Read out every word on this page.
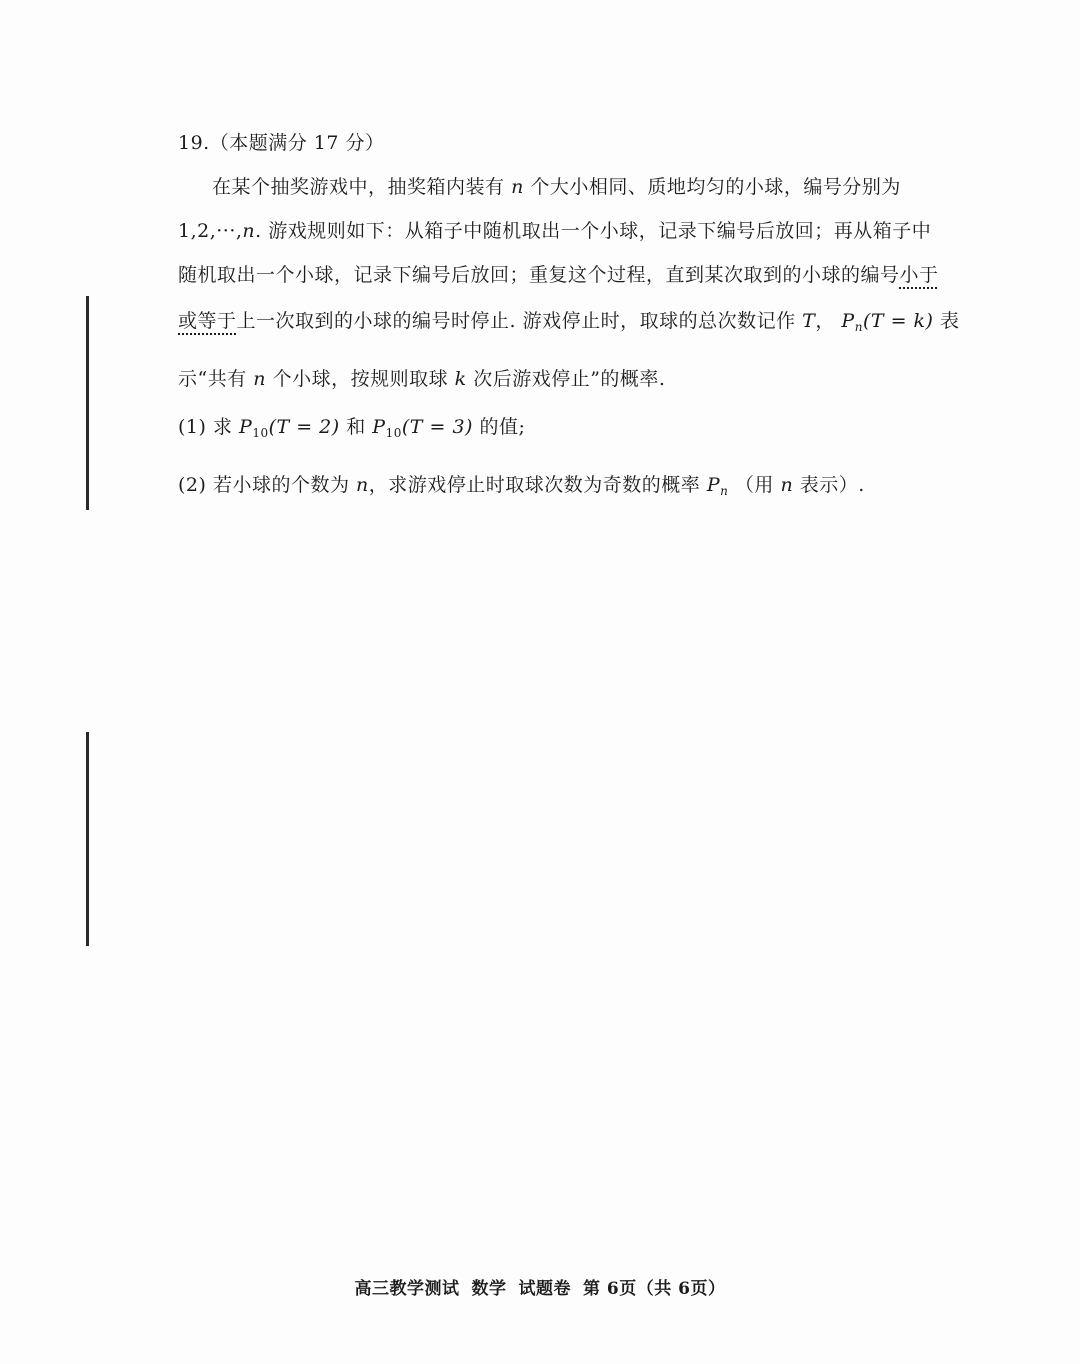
19.（本题满分 17 分）
在某个抽奖游戏中，抽奖箱内装有 n 个大小相同、质地均匀的小球，编号分别为
1,2,···,n. 游戏规则如下：从箱子中随机取出一个小球，记录下编号后放回；再从箱子中
随机取出一个小球，记录下编号后放回；重复这个过程，直到某次取到的小球的编号小于
或等于上一次取到的小球的编号时停止. 游戏停止时，取球的总次数记作 T， $P_n(T = k)$ 表
示“共有 n 个小球，按规则取球 k 次后游戏停止”的概率.
(1) 求 $P_{10}(T = 2)$ 和 $P_{10}(T = 3)$ 的值;
(2) 若小球的个数为 n，求游戏停止时取球次数为奇数的概率 $P_n$ （用 n 表示）.
高三教学测试 数学 试题卷 第 6页（共 6页）
